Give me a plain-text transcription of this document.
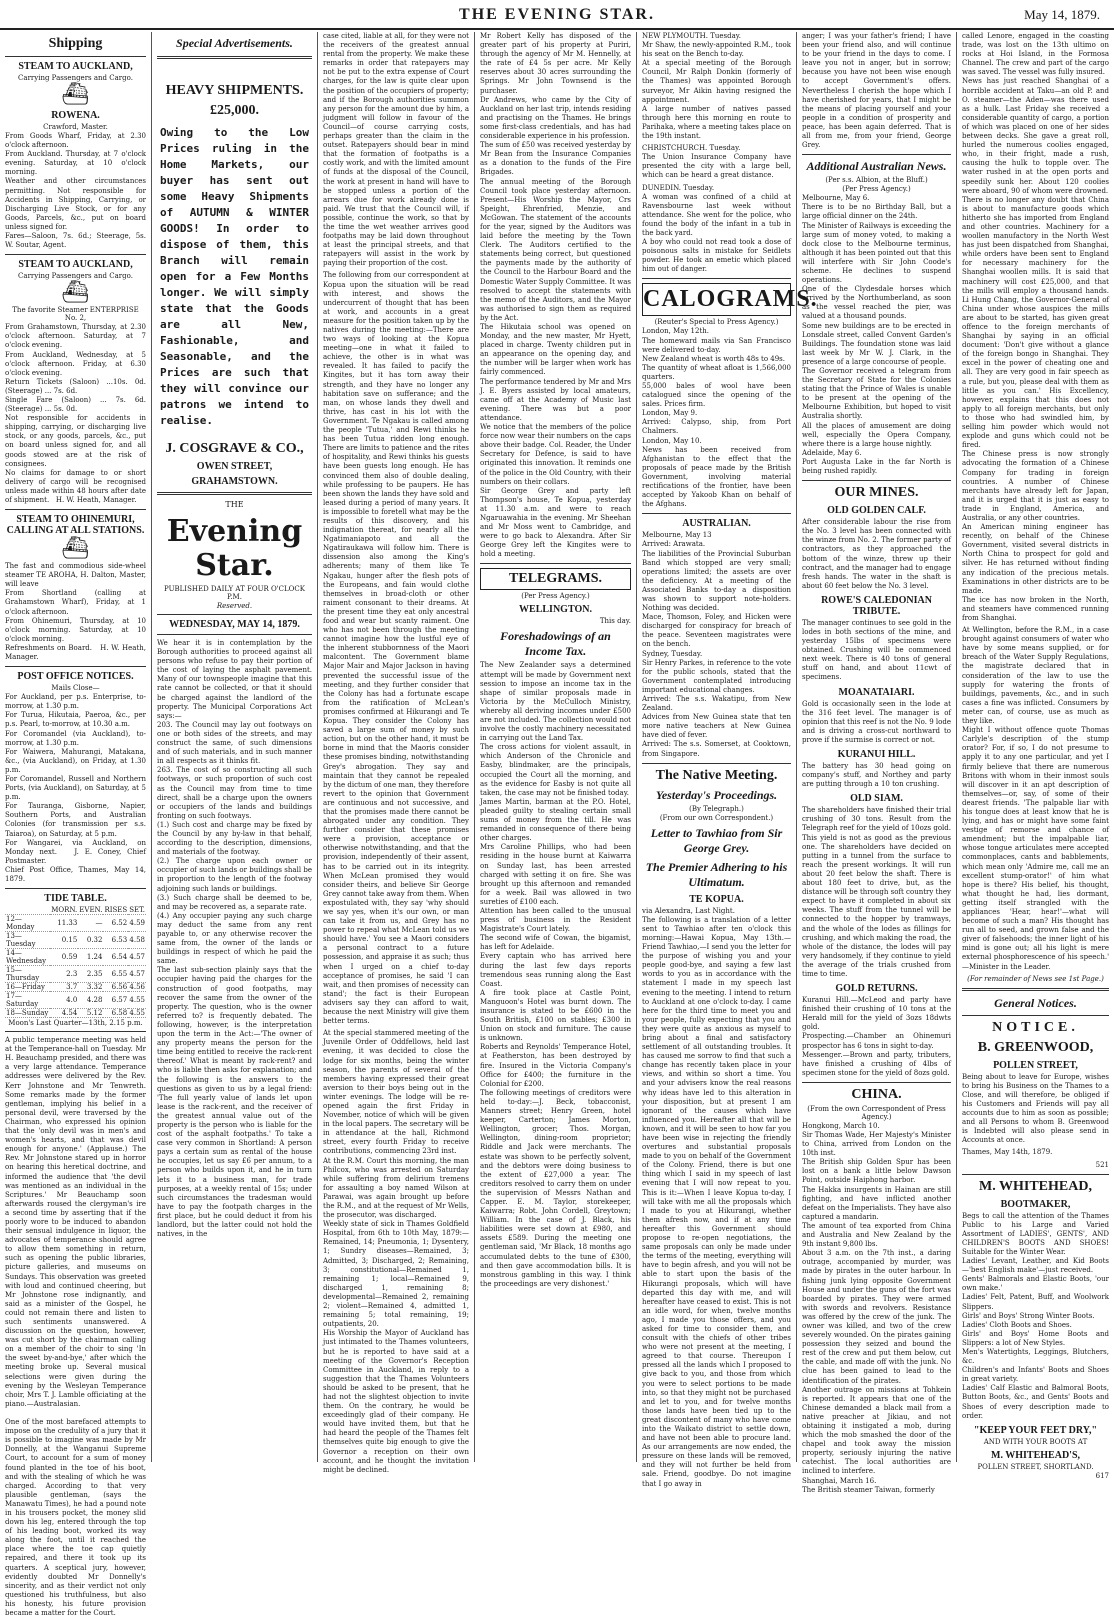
THE EVENING STAR.	May 14, 1879.
Shipping
STEAM TO AUCKLAND,
Carrying Passengers and Cargo.
⛴
ROWENA.
Crawford, Master.
From Goods Wharf, Friday, at 2.30 o'clock afternoon.
From Auckland. Thursday, at 7 o'clock evening. Saturday, at 10 o'clock morning.
Weather and other circumstances permitting. Not responsible for Accidents in Shipping, Carrying, or Discharging Live Stock, or for any Goods, Parcels, &c., put on board unless signed for.
Fares—Saloon, 7s. 6d.; Steerage, 5s.   W. Soutar, Agent.
STEAM TO AUCKLAND,
Carrying Passengers and Cargo.
⛴
The favorite Steamer ENTERPRISE No. 2,
From Grahamstown, Thursday, at 2.30 o'clock afternoon. Saturday, at 7 o'clock evening.
From Auckland, Wednesday, at 5 o'clock afternoon. Friday, at 6.30 o'clock evening.
Return Tickets (Saloon) ...10s. 0d. (Steerage) ... 7s. 6d.
Single Fare (Saloon) ... 7s. 6d. (Steerage) ... 5s. 0d.
Not responsible for accidents in shipping, carrying, or discharging live stock, or any goods, parcels, &c., put on board unless signed for, and all goods stowed are at the risk of consignees.
No claims for damage to or short delivery of cargo will be recognised unless made within 48 hours after date of shipment.   H. W. Heath, Manager.
STEAM TO OHINEMURI, CALLING AT ALL STATIONS.
⛴
The fast and commodious side-wheel steamer TE AROHA, H. Dalton, Master, will leave
From Shortland (calling at Grahamstown Wharf), Friday, at 1 o'clock afternoon.
From Ohinemuri, Thursday, at 10 o'clock morning. Saturday, at 10 o'clock morning.
Refreshments on Board.   H. W. Heath, Manager.
POST OFFICE NOTICES.
Mails Close—
For Auckland, per p.s. Enterprise, to-morrow, at 1.30 p.m.
For Turua, Hikutaia, Paeroa, &c., per p.s. Pearl, to-morrow, at 10.30 a.m.
For Coromandel (via Auckland), to-morrow, at 1.30 p.m.
For Waiwera, Mahurangi, Matakana, &c., (via Auckland), on Friday, at 1.30 p.m.
For Coromandel, Russell and Northern Ports, (via Auckland), on Saturday, at 5 p.m.
For Tauranga, Gisborne, Napier, Southern Ports, and Australian Colonies (for transmission per s.s. Taiaroa), on Saturday, at 5 p.m.
For Wangarei, via Auckland, on Monday next.   J. E. Coney, Chief Postmaster.
Chief Post Office, Thames, May 14, 1879.
TIDE TABLE.
	MORN.	EVEN.	RISES	SET.
12—Monday	11.33	—	6.52	4.59
13—Tuesday	0.15	0.32	6.53	4.58
14—Wednesday	0.59	1.24	6.54	4.57
15—Thursday	2.3	2.35	6.55	4.57
16—Friday	3.7	3.32	6.56	4.56
17—Saturday	4.0	4.28	6.57	4.55
18—Sunday	4.54	5.12	6.58	4.55
Moon's Last Quarter—13th, 2.15 p.m.
A public temperance meeting was held at the Temperance-hall on Tuesday. Mr H. Beauchamp presided, and there was a very large attendance. Temperance addresses were delivered by the Rev. Kerr Johnstone and Mr Tenwreth. Some remarks made by the former gentleman, implying his belief in a personal devil, were traversed by the Chairman, who expressed his opinion that the 'only devil was in men's and women's hearts, and that was devil enough for anyone.' (Applause.) The Rev. Mr Johnstone stared up in horror on hearing this heretical doctrine, and informed the audience that 'the devil was mentioned as an individual in the Scriptures.' Mr Beauchamp soon afterwards roused the clergyman's ire a second time by asserting that if the poorly wore to be induced to abandon their sensual indulgence in liquor, the advocates of temperance should agree to allow them something in return, such as opening the public libraries, picture galleries, and museums on Sundays. This observation was greeted with loud and continued cheering, but Mr Johnstone rose indignantly, and said as a minister of the Gospel, he could not remain there and listen to such sentiments unanswered. A discussion on the question, however, was cut short by the chairman calling on a member of the choir to sing 'In the sweet by-and-bye,' after which the meeting broke up. Several musical selections were given during the evening by the Wesleyan Temperance choir, Mrs T. J. Lamble officiating at the piano.—Australasian.

One of the most barefaced attempts to impose on the credulity of a jury that it is possible to imagine was made by Mr Donnelly, at the Wanganui Supreme Court, to account for a sum of money found planted in the toe of his boot, and with the stealing of which he was charged. According to that very plausible gentleman, (says the Manawatu Times), he had a pound note in his trousers pocket, the money slid down his leg, entered through the top of his leading boot, worked its way along the foot, until it reached the place where the toe cap quietly repaired, and there it took up its quarters. A sceptical jury, however, evidently doubted Mr Donnelly's sincerity, and as their verdict not only questioned his truthfulness, but also his honesty, his future provision became a matter for the Court.
Special Advertisements.
HEAVY SHIPMENTS.
£25,000.
Owing to the Low Prices ruling in the Home Markets, our buyer has sent out some Heavy Shipments of AUTUMN & WINTER GOODS! In order to dispose of them, this Branch will remain open for a Few Months longer. We will simply state that the Goods are all New, Fashionable, and Seasonable, and the Prices are such that they will convince our patrons we intend to realise.
J. COSGRAVE & CO.,
OWEN STREET,
GRAHAMSTOWN.
THE
Evening Star.
PUBLISHED DAILY AT FOUR O'CLOCK P.M.
Reserved.
WEDNESDAY, MAY 14, 1879.
We hear it is in contemplation by the Borough authorities to proceed against all persons who refuse to pay their portion of the cost of laying the asphalt pavement. Many of our townspeople imagine that this rate cannot be collected, or that it should be charged against the landlord of the property. The Municipal Corporations Act says:—
203. The Council may lay out footways on one or both sides of the streets, and may construct the same, of such dimensions and of such materials, and in such manner in all respects as it thinks fit.
263. The cost of so constructing all such footways, or such proportion of such cost as the Council may from time to time direct, shall be a charge upon the owners or occupiers of the lands and buildings fronting on such footways.
(1.) Such cost and charge may be fixed by the Council by any by-law in that behalf, according to the description, dimensions, and materials of the footway.
(2.) The charge upon each owner or occupier of such lands or buildings shall be in proportion to the length of the footway adjoining such lands or buildings.
(3.) Such charge shall be deemed to be, and may be recovered as, a separate rate.
(4.) Any occupier paying any such charge may deduct the same from any rent payable to, or any otherwise recover the same from, the owner of the lands or buildings in respect of which he paid the same.
The last sub-section plainly says that the occupier having paid the charges for the construction of good footpaths, may recover the same from the owner of the property. The question, who is the owner referred to? is frequently debated. The following, however, is the interpretation upon the term in the Act:—'The owner of any property means the person for the time being entitled to receive the rack-rent thereof.' What is meant by rack-rent? and who is liable then asks for explanation; and the following is the answers to the questions as given to us by a legal friend: 'The full yearly value of lands let upon lease is the rack-rent, and the receiver of the greatest annual value out of the property is the person who is liable for the cost of the asphalt footpaths.' To take a case very common in Shortland: A person pays a certain sum as rental of the house he occupies, let us say £6 per annum, to a person who builds upon it, and he in turn lets it to a business man, for trade purposes, at a weekly rental of 15s; under such circumstances the tradesman would have to pay the footpath charges in the first place, but he could deduct it from his landlord, but the latter could not hold the natives, in the
case cited, liable at all, for they were not the receivers of the greatest annual rental from the property. We make these remarks in order that ratepayers may not be put to the extra expense of Court charges, for the law is quite clear upon the position of the occupiers of property; and if the Borough authorities summon any person for the amount due by him, a judgment will follow in favour of the Council—of course carrying costs, perhaps greater than the claim in the outset. Ratepayers should bear in mind that the formation of footpaths is a costly work, and with the limited amount of funds at the disposal of the Council, the work at present in hand will have to be stopped unless a portion of the arrears due for work already done is paid. We trust that the Council will, if possible, continue the work, so that by the time the wet weather arrives good footpaths may be laid down throughout at least the principal streets, and that ratepayers will assist in the work by paying their proportion of the cost.
The following from our correspondent at Kopua upon the situation will be read with interest, and shows the undercurrent of thought that has been at work, and accounts in a great measure for the position taken up by the natives during the meeting:—There are two ways of looking at the Kopua meeting—one in what it failed to achieve, the other is in what was revealed. It has failed to pacify the Kingites, but it has torn away their strength, and they have no longer any habitation save on sufferance; and the man, on whose lands they dwell and thrive, has cast in his lot with the Government. Te Ngakau is called among the people 'Tutua,' and Rewi thinks he has been Tutua ridden long enough. There are limits to patience and the rites of hospitality, and Rewi thinks his guests have been guests long enough. He has convinced them also of double dealing, while professing to be paupers. He has been shown the lands they have sold and leased during a period of many years. It is impossible to foretell what may be the results of this discovery, and his indignation thereat, for nearly all the Ngatimaniapoto and all the Ngatiraukawa will follow him. There is dissension also among the King's adherents; many of them like Te Ngakau, hunger after the flesh pots of the Europeans, and fain would clothe themselves in broad-cloth or other raiment consonant to their dreams. At the present time they eat only ancestral food and wear but scanty raiment. One who has not been through the meeting cannot imagine how the lustful eye of the inherent stubbornness of the Maori malcontent. The Government blame Major Mair and Major Jackson in having prevented the successful issue of the meeting, and they further consider that the Colony has had a fortunate escape from the ratification of McLean's promises confirmed at Hikurangi and Te Kopua. They consider the Colony has saved a large sum of money by such action, but on the other hand, it must be borne in mind that the Maoris consider these promises binding, notwithstanding Grey's abrogation. They say and maintain that they cannot be repealed by the dictum of one man, they therefore revert to the opinion that Government are continuous and not successive, and that the promises made there cannot be abrogated under any condition. They further consider that these promises were a provision, acceptance or otherwise notwithstanding, and that the provision, independently of their assent, has to be carried out in its integrity. When McLean promised they would consider theirs, and believe Sir George Grey cannot take away from them. When expostulated with, they say 'why should we say yes, when it's our own, or man can take it from us, and Grey has no power to repeal what McLean told us we should have.' You see a Maori considers a personal contract to a future possession, and appraise it as such; thus when I urged on a chief to-day acceptance of promises, he said 'I can wait, and then promises of necessity can stand'; the fact is their European advisers say they can afford to wait, because the next Ministry will give them better terms.
At the special stammered meeting of the Juvenile Order of Oddfellows, held last evening, it was decided to close the lodge for six months, being the winter season, the parents of several of the members having expressed their great aversion to their boys being out in the winter evenings. The lodge will be re-opened again the first Friday in November, notice of which will be given in the local papers. The secretary will be in attendance at the hall, Richmond street, every fourth Friday to receive contributions, commencing 23rd inst.
At the R.M. Court this morning, the man Philcox, who was arrested on Saturday while suffering from delirium tremens for assaulting a boy named Wilson at Parawai, was again brought up before the R.M., and at the request of Mr Wells, the prosecutor, was discharged.
Weekly state of sick in Thames Goldfield Hospital, from 6th to 10th May, 1879:—Remained, 14; Pneumonia, 1; Dysentery, 1; Sundry diseases—Remained, 3; Admitted, 3; Discharged, 2; Remaining, 3; constitutional—Remained 1, remaining 1; local—Remained 9, discharged 1, remaining 8; developmental—Remained 2, remaining 2; violent—Remained 4, admitted 1, remaining 5; total remaining, 19; outpatients, 20.
His Worship the Mayor of Auckland has just intimated to the Thames volunteers, but he is reported to have said at a meeting of the Governor's Reception Committee in Auckland, in reply to a suggestion that the Thames Volunteers should be asked to be present, that he had not the slightest objection to invite them. On the contrary, he would be exceedingly glad of their company. He would have invited them, but that he had heard the people of the Thames felt themselves quite big enough to give the Governor a reception on their own account, and he thought the invitation might be declined.
Mr Robert Kelly has disposed of the greater part of his property at Puriri, through the agency of Mr M. Hennelly, at the rate of £4 5s per acre. Mr Kelly reserves about 30 acres surrounding the Springs. Mr John Townsend is the purchaser.
Dr Andrews, who came by the City of Auckland on her last trip, intends residing and practising on the Thames. He brings some first-class credentials, and has had considerable experience in his profession.
The sum of £50 was received yesterday by Mr Bean from the Insurance Companies as a donation to the funds of the Fire Brigades.
The annual meeting of the Borough Council took place yesterday afternoon. Present—His Worship the Mayor, Crs Speight, Ehrenfried, Menzie, and McGowan. The statement of the accounts for the year, signed by the Auditors was laid before the meeting by the Town Clerk. The Auditors certified to the statements being correct, but questioned the payments made by the authority of the Council to the Harbour Board and the Domestic Water Supply Committee. It was resolved to accept the statements with the memo of the Auditors, and the Mayor was authorised to sign them as required by the Act.
The Hikutaia school was opened on Monday, and the new master, Mr Hyett, placed in charge. Twenty children put in an appearance on the opening day, and the number will be larger when work has fairly commenced.
The performance tendered by Mr and Mrs J. E. Byers assisted by local amateurs, came off at the Academy of Music last evening. There was but a poor attendance.
We notice that the members of the police force now wear their numbers on the caps above their badge. Col. Reader, the Under Secretary for Defence, is said to have originated this innovation. It reminds one of the police in the Old Country, with their numbers on their collars.
Sir George Grey and party left Thompson's house, Te Kopua, yesterday at 11.30 a.m. and were to reach Ngaruawahia in the evening. Mr Sheehan and Mr Moss went to Cambridge, and were to go back to Alexandra. After Sir George Grey left the Kingites were to hold a meeting.
TELEGRAMS.
(Per Press Agency.)
WELLINGTON.
This day.
Foreshadowings of an Income Tax.
The New Zealander says a determined attempt will be made by Government next session to impose an income tax in the shape of similar proposals made in Victoria by the McCulloch Ministry, whereby all deriving incomes under £500 are not included. The collection would not involve the costly machinery necessitated in carrying out the Land Tax.
The cross actions for violent assault, in which Anderson of the Chronicle and Easby, blindmaker, are the principals, occupied the Court all the morning, and as the evidence for Easby is not quite all taken, the case may not be finished today.
James Martin, barman at the P.O. Hotel, pleaded guilty to stealing certain small sums of money from the till. He was remanded in consequence of there being other charges.
Mrs Caroline Phillips, who had been residing in the house burnt at Kaiwarra on Sunday last, has been arrested charged with setting it on fire. She was brought up this afternoon and remanded for a week. Bail was allowed in two sureties of £100 each.
Attention has been called to the unusual press of business in the Resident Magistrate's Court lately.
The second wife of Cowan, the bigamist, has left for Adelaide.
Every captain who has arrived here during the last few days reports tremendous seas running along the East Coast.
A fire took place at Castle Point, Manguoon's Hotel was burnt down. The insurance is stated to be £600 in the South British, £100 on stables; £300 in Union on stock and furniture. The cause is unknown.
Roberts and Reynolds' Temperance Hotel, at Featherston, has been destroyed by fire. Insured in the Victoria Company's Office for £400; the furniture in the Colonial for £200.
The following meetings of creditors were held to-day:—J. Beck, tobacconist, Manners street; Henry Green, hotel keeper, Carterton; James Morton, Wellington, grocer; Thos. Morgan, Wellington, dining-room proprietor; Riddle and Jack were merchants. The estate was shown to be perfectly solvent, and the debtors were doing business to the extent of £27,000 a year. The creditors resolved to carry them on under the supervision of Messrs Nathan and Capper. E. M. Taylor, storekeeper, Kaiwarra; Robt. John Cordell, Greytown; William. In the case of J. Black, his liabilities were set down at £980, and assets £589. During the meeting one gentleman said, 'Mr Black, 18 months ago accumulated debts to the tune of £300, and then gave accommodation bills. It is monstrous gambling in this way. I think the proceedings are very dishonest.'
NEW PLYMOUTH. Tuesday.
Mr Shaw, the newly-appointed R.M., took his seat on the Bench to-day.
At a special meeting of the Borough Council, Mr Ralph Donkin (formerly of the Thames) was appointed Borough surveyor, Mr Aikin having resigned the appointment.
A large number of natives passed through here this morning en route to Parihaka, where a meeting takes place on the 19th instant.
CHRISTCHURCH. Tuesday.
The Union Insurance Company have presented the city with a large bell, which can be heard a great distance.
DUNEDIN. Tuesday.
A woman was confined of a child at Ravensbourne last week without attendance. She went for the police, who found the body of the infant in a tub in the back yard.
A boy who could not read took a dose of poisonous salts in mistake for Seidlets powder. He took an emetic which placed him out of danger.
CALOGRAMS.
(Reuter's Special to Press Agency.)
London, May 12th.
The homeward mails via San Francisco were delivered to-day.
New Zealand wheat is worth 48s to 49s.
The quantity of wheat afloat is 1,566,000 quarters.
55,000 bales of wool have been catalogued since the opening of the sales. Prices firm.
London, May 9.
Arrived: Calypso, ship, from Port Chalmers.
London, May 10.
News has been received from Afghanistan to the effect that the proposals of peace made by the British Government, involving material rectifications of the frontier, have been accepted by Yakoob Khan on behalf of the Afghans.
AUSTRALIAN.
Melbourne, May 13
Arrived: Arawata.
The liabilities of the Provincial Suburban Band which stopped are very small; operations limited; the assets are over the deficiency. At a meeting of the Associated Banks to-day a disposition was shown to support note-holders. Nothing was decided.
Mace, Thomson, Foley, and Hicken were discharged for conspiracy for breach of the peace. Seventeen magistrates were on the bench.
Sydney, Tuesday.
Sir Henry Parkes, in reference to the vote for the public schools, stated that the Government contemplated introducing important educational changes.
Arrived: The s.s. Wakatipu, from New Zealand.
Advices from New Guinea state that ten more native teachers at New Guinea have died of fever.
Arrived: The s.s. Somerset, at Cooktown, from Singapore.
The Native Meeting.
Yesterday's Proceedings.
(By Telegraph.)
(From our own Correspondent.)
Letter to Tawhiao from Sir George Grey.
The Premier Adhering to his Ultimatum.
TE KOPUA.
via Alexandra, Last Night.
The following is a translation of a letter sent to Tawhiao after ten o'clock this morning:—Hawai Kopua, May 13th.—Friend Tawhiao,—I send you the letter for the purpose of wishing you and your people good-bye, and saying a few last words to you as in accordance with the statement I made in my speech last evening to the meeting. I intend to return to Auckland at one o'clock to-day. I came here for the third time to meet you and your people, fully expecting that you and they were quite as anxious as myself to bring about a final and satisfactory settlement of all outstanding troubles. It has caused me sorrow to find that such a change has recently taken place in your views, and within so short a time. You and your advisers know the real reasons why ideas have led to this alteration in your disposition, but at present I am ignorant of the causes which have influenced you. Hereafter all that will be known, and it will be seen to how far you have been wise in rejecting the friendly overtures and substantial proposals made to you on behalf of the Government of the Colony. Friend, there is but one thing which I said in my speech of last evening that I will now repeat to you. This is it:—When I leave Kopua to-day, I will take with me all the proposals which I made to you at Hikurangi, whether them afresh now, and if at any time hereafter this Government should propose to re-open negotiations, the same proposals can only be made under the terms of the meeting, everything will have to begin afresh, and you will not be able to start upon the basis of the Hikurangi proposals, which will have departed this day with me, and will hereafter have ceased to exist. This is not an idle word, for when, twelve months ago, I made you those offers, and you asked for time to consider them, and consult with the chiefs of other tribes who were not present at the meeting, I agreed to that course. Thereupon I pressed all the lands which I proposed to give back to you, and those from which you were to select portions to be made into, so that they might not be purchased and let to you, and for twelve months those lands have been tied up to the great discontent of many who have come into the Waikato district to settle down, and have not been able to procure land. As our arrangements are now ended, the pressure on these lands will be removed, and they will not further be held from sale. Friend, goodbye. Do not imagine that I go away in
anger; I was your father's friend; I have been your friend also, and will continue to be your friend in the days to come. I leave you not in anger, but in sorrow; because you have not been wise enough to accept Government's offers. Nevertheless I cherish the hope which I have cherished for years, that I might be the means of placing yourself and your people in a condition of prosperity and peace, has been again deferred. That is all from me, from your friend, George Grey.
Additional Australian News.
(Per s.s. Albion, at the Bluff.)
(Per Press Agency.)
Melbourne, May 6.
There is to be no Birthday Ball, but a large official dinner on the 24th.
The Minister of Railways is exceeding the large sum of money voted, to making a dock close to the Melbourne terminus, although it has been pointed out that this will interfere with Sir John Coode's scheme. He declines to suspend operations.
One of the Clydesdale horses which arrived by the Northumberland, as soon as the vessel reached the pier, was valued at a thousand pounds.
Some new buildings are to be erected in Lonsdale street, called Convent Garden's Buildings. The foundation stone was laid last week by Mr W. J. Clark, in the presence of a large concourse of people.
The Governor received a telegram from the Secretary of State for the Colonies stating that the Prince of Wales is unable to be present at the opening of the Melbourne Exhibition, but hoped to visit Australia shortly.
All the places of amusement are doing well, especially the Opera Company, where there is a large house nightly.
Adelaide, May 6.
Port Augusta Lake in the far North is being rushed rapidly.
OUR MINES.
OLD GOLDEN CALF.
After considerable labour the rise from the No. 3 level has been connected with the winze from No. 2. The former party of contractors, as they approached the bottom of the winze, threw up their contract, and the manager had to engage fresh hands. The water in the shaft is about 60 feet below the No. 3 level.
ROWE'S CALEDONIAN TRIBUTE.
The manager continues to see gold in the lodes in both sections of the mine, and yesterday 15lbs of specimens were obtained. Crushing will be commenced next week. There is 40 tons of general stuff on hand, and about 11cwt of specimens.
MOANATAIARI.
Gold is occasionally seen in the lode at the 316 feet level. The manager is of opinion that this reef is not the No. 9 lode and is driving a cross-cut northward to prove if the surmise is correct or not.
KURANUI HILL.
The battery has 30 head going on company's stuff, and Northey and party are putting through a 10 ton crushing.
OLD SIAM.
The shareholders have finished their trial crushing of 30 tons. Result from the Telegraph reef for the yield of 10ozs gold. This yield is not as good as the previous one. The shareholders have decided on putting in a tunnel from the surface to reach the present workings. It will run about 20 feet below the shaft. There is about 180 feet to drive, but, as the distance will be through soft country they expect to have it completed in about six weeks. The stuff from the tunnel will be connected to the hopper by tramways, and the whole of the lodes as fillings for crushing, and which making the road, the whole of the distance, the lodes will pay very handsomely, if they continue to yield the average of the trials crushed from time to time.
GOLD RETURNS.
Kuranui Hill.—McLeod and party have finished their crushing of 10 tons at the Herald mill for the yield of 3ozs 18dwts gold.
Prospecting.—Chamber an Ohinemuri prospector has 6 tons in sight to-day.
Messenger.—Brown and party, tributers, have finished a crushing of 4lbs of specimen stone for the yield of 8ozs gold.
CHINA.
(From the own Correspondent of Press Agency.)
Hongkong, March 10.
Sir Thomas Wade, Her Majesty's Minister to China, arrived from London on the 10th inst.
The British ship Golden Spur has been lost on a bank a little below Dawson Point, outside Haiphong harbor.
The Hakka insurgents in Hainan are still fighting, and have inflicted another defeat on the Imperialists. They have also captured a mandarin.
The amount of tea exported from China and Australia and New Zealand by the 9th instant 9,800 lbs.
About 3 a.m. on the 7th inst., a daring outrage, accompanied by murder, was made by pirates in the outer harbour. In fishing junk lying opposite Government House and under the guns of the fort was boarded by pirates. They were armed with swords and revolvers. Resistance was offered by the crew of the junk. The owner was killed, and two of the crew severely wounded. On the pirates gaining possession they seized and bound the rest of the crew and put them below, cut the cable, and made off with the junk. No clue has been gained to lead to the identification of the pirates.
Another outrage on missions at Tohkein is reported. It appears that one of the Chinese demanded a black mail from a native preacher at Jikiau, and not obtaining it instigated a mob, during which the mob smashed the door of the chapel and took away the mission property, seriously injuring the native catechist. The local authorities are inclined to interfere.
Shanghai, March 16.
The British steamer Taiwan, formerly
called Lenore, engaged in the coasting trade, was lost on the 13th ultimo on rocks at Hoi Island, in the Formosa Channel. The crew and part of the cargo was saved. The vessel was fully insured.
News has just reached Shanghai of a horrible accident at Taku—an old P. and O. steamer—the Aden—was there used as a hulk. Last Friday she received a considerable quantity of cargo, a portion of which was placed on one of her sides between decks. She gave a great roll, hurled the numerous coolies engaged, who, in their fright, made a rush, causing the hulk to topple over. The water rushed in at the open ports and speedily sunk her. About 120 coolies were aboard, 90 of whom were drowned.
There is no longer any doubt that China is about to manufacture goods which hitherto she has imported from England and other countries. Machinery for a woollen manufactory in the North West has just been dispatched from Shanghai, while orders have been sent to England for necessary machinery for the Shanghai woollen mills. It is said that machinery will cost £25,000, and that the mills will employ a thousand hands. Li Hung Chang, the Governor-General of China under whose auspices the mills are about to be started, has given great offence to the foreign merchants of Shanghai by saying in an official document: 'Don't give without a glance of the foreign bongo in Shanghai. They excel in the power of cheating one and all. They are very good in fair speech as a rule, but you, please deal with them as little as you can.' His Excellency, however, explains that this does not apply to all foreign merchants, but only to those who had swindled him, by selling him powder which would not explode and guns which could not be fired.
The Chinese press is now strongly advocating the formation of a Chinese Company for trading in foreign countries. A number of Chinese merchants have already left for Japan, and it is urged that it is just as easy to trade in England, America, and Australia, or any other countries.
An American mining engineer has recently, on behalf of the Chinese Government, visited several districts in North China to prospect for gold and silver. He has returned without finding any indication of the precious metals. Examinations in other districts are to be made.
The ice has now broken in the North, and steamers have commenced running from Shanghai.
At Wellington, before the R.M., in a case brought against consumers of water who have by some means supplied, or for breach of the Water Supply Regulations, the magistrate declared that in consideration of the law to use the supply for watering the fronts of buildings, pavements, &c., and in such cases a fine was inflicted. Consumers by meter can, of course, use as much as they like.
Might I without offence quote Thomas Carlyle's description of the stump orator? For, if so, I do not presume to apply it to any one particular, and yet I firmly believe that there are numerous Britons with whom in their inmost souls will discover in it an apt description of themselves—or, say, of some of their dearest friends. 'The palpable liar with his tongue does at least know that he is lying, and has or might have some faint vestige of remorse and chance of amendment; but the impalpable liar, whose tongue articulates mere accepted commonplaces, cants and babblements, which mean only 'Admire me, call me an excellent stump-orator!' of him what hope is there? His belief, his thought, what thought he had, lies dormant, getting itself strangled with the appliances 'Hear, hear!'—what will become of such a man? His thought has run all to seed, and grown false and the giver of falsehoods; the inner light of his mind is gone out; all his light is mere external phosphorescence of his speech.' —Minister in the Leader.
(For remainder of News see 1st Page.)
General Notices.
NOTICE.
B. GREENWOOD,
POLLEN STREET,
Being about to leave for Europe, wishes to bring his Business on the Thames to a Close, and will therefore, be obliged if his Customers and Friends will pay all accounts due to him as soon as possible; and all Persons to whom B. Greenwood is Indebted will also please send in Accounts at once.
Thames, May 14th, 1879.
521
M. WHITEHEAD,
BOOTMAKER,
Begs to call the attention of the Thames Public to his Large and Varied Assortment of LADIES', GENTS', AND CHILDREN'S BOOTS AND SHOES! Suitable for the Winter Wear.
Ladies' Levant, Leather, and Kid Boots—'best English make'—just received.
Gents' Balmorals and Elastic Boots, 'our own make.'
Ladies' Felt, Patent, Buff, and Woolwork Slippers.
Girls' and Boys' Strong Winter Boots.
Ladies' Cloth Boots and Shoes.
Girls' and Boys' Home Boots and Slippers: a lot of New Styles.
Men's Watertights, Leggings, Blutchers, &c.
Children's and Infants' Boots and Shoes in great variety.
Ladies' Calf Elastic and Balmoral Boots, Button Boots, &c., and Gents' Boots and Shoes of every description made to order.
"KEEP YOUR FEET DRY,"
AND WITH YOUR BOOTS AT
M. WHITEHEAD'S,
POLLEN STREET, SHORTLAND.
617
